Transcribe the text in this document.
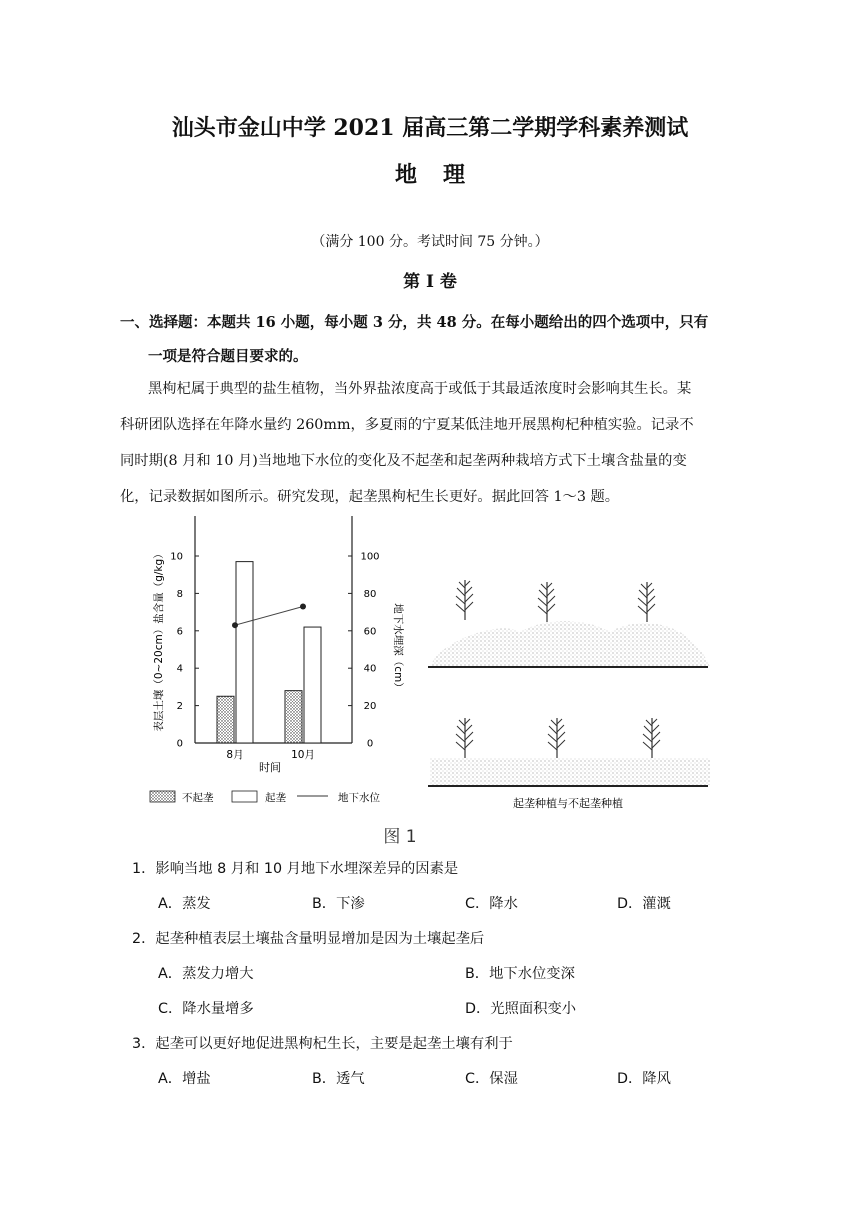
汕头市金山中学 2021 届高三第二学期学科素养测试
地理
（满分 100 分。考试时间 75 分钟。）
第 I 卷
一、选择题：本题共 16 小题，每小题 3 分，共 48 分。在每小题给出的四个选项中，只有
一项是符合题目要求的。
黑枸杞属于典型的盐生植物，当外界盐浓度高于或低于其最适浓度时会影响其生长。某
科研团队选择在年降水量约 260mm，多夏雨的宁夏某低洼地开展黑枸杞种植实验。记录不
同时期(8 月和 10 月)当地地下水位的变化及不起垄和起垄两种栽培方式下土壤含盐量的变
化，记录数据如图所示。研究发现，起垄黑枸杞生长更好。据此回答 1～3 题。
0
2
4
6
8
10
0
20
40
60
80
100
8月	10月
时间
表层土壤（0~20cm）盐含量（g/kg）	地下水埋深（cm）
不起垄	起垄	地下水位	起垄种植与不起垄种植
图 1
1．影响当地 8 月和 10 月地下水埋深差异的因素是
A．蒸发	B．下渗	C．降水	D．灌溉
2．起垄种植表层土壤盐含量明显增加是因为土壤起垄后
A．蒸发力增大	B．地下水位变深
C．降水量增多	D．光照面积变小
3．起垄可以更好地促进黑枸杞生长，主要是起垄土壤有利于
A．增盐	B．透气	C．保湿	D．降风
